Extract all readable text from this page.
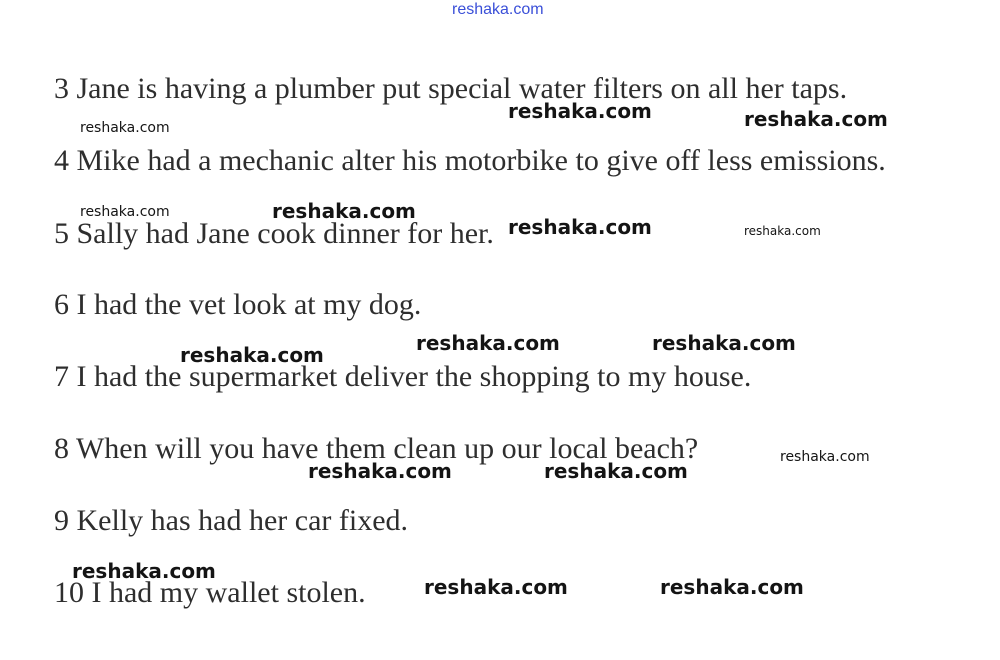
reshaka.com
3 Jane is having a plumber put special water filters on all her taps.
4 Mike had a mechanic alter his motorbike to give off less emissions.
5 Sally had Jane cook dinner for her.
6 I had the vet look at my dog.
7 I had the supermarket deliver the shopping to my house.
8 When will you have them clean up our local beach?
9 Kelly has had her car fixed.
10 I had my wallet stolen.
reshaka.com
reshaka.com	reshaka.com
reshaka.com	reshaka.com
reshaka.com	reshaka.com
reshaka.com	reshaka.com	reshaka.com
reshaka.com
reshaka.com	reshaka.com
reshaka.com
reshaka.com	reshaka.com
